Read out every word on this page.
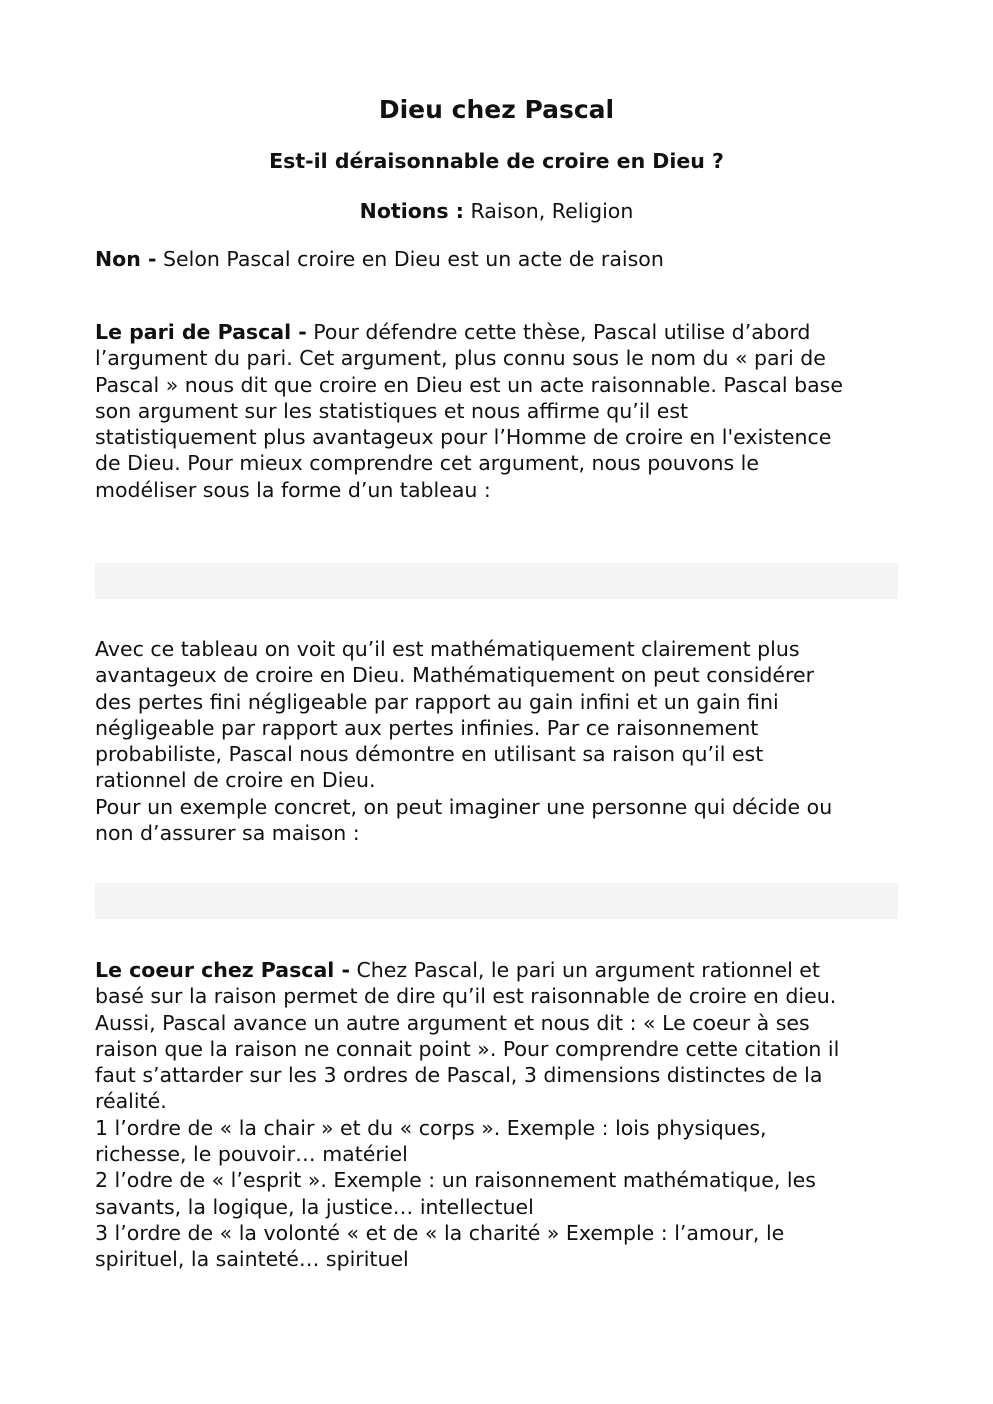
Dieu chez Pascal
Est-il déraisonnable de croire en Dieu ?

Notions : Raison, Religion

Non - Selon Pascal croire en Dieu est un acte de raison

Le pari de Pascal - Pour défendre cette thèse, Pascal utilise d’abord
l’argument du pari. Cet argument, plus connu sous le nom du « pari de
Pascal » nous dit que croire en Dieu est un acte raisonnable. Pascal base
son argument sur les statistiques et nous affirme qu’il est
statistiquement plus avantageux pour l’Homme de croire en l'existence
de Dieu. Pour mieux comprendre cet argument, nous pouvons le
modéliser sous la forme d’un tableau :

Avec ce tableau on voit qu’il est mathématiquement clairement plus
avantageux de croire en Dieu. Mathématiquement on peut considérer
des pertes fini négligeable par rapport au gain infini et un gain fini
négligeable par rapport aux pertes infinies. Par ce raisonnement
probabiliste, Pascal nous démontre en utilisant sa raison qu’il est
rationnel de croire en Dieu.
Pour un exemple concret, on peut imaginer une personne qui décide ou
non d’assurer sa maison :

Le coeur chez Pascal - Chez Pascal, le pari un argument rationnel et
basé sur la raison permet de dire qu’il est raisonnable de croire en dieu.
Aussi, Pascal avance un autre argument et nous dit : « Le coeur à ses
raison que la raison ne connait point ». Pour comprendre cette citation il
faut s’attarder sur les 3 ordres de Pascal, 3 dimensions distinctes de la
réalité.
1 l’ordre de « la chair » et du « corps ». Exemple : lois physiques,
richesse, le pouvoir… matériel
2 l’odre de « l’esprit ». Exemple : un raisonnement mathématique, les
savants, la logique, la justice… intellectuel
3 l’ordre de « la volonté « et de « la charité » Exemple : l’amour, le
spirituel, la sainteté… spirituel
